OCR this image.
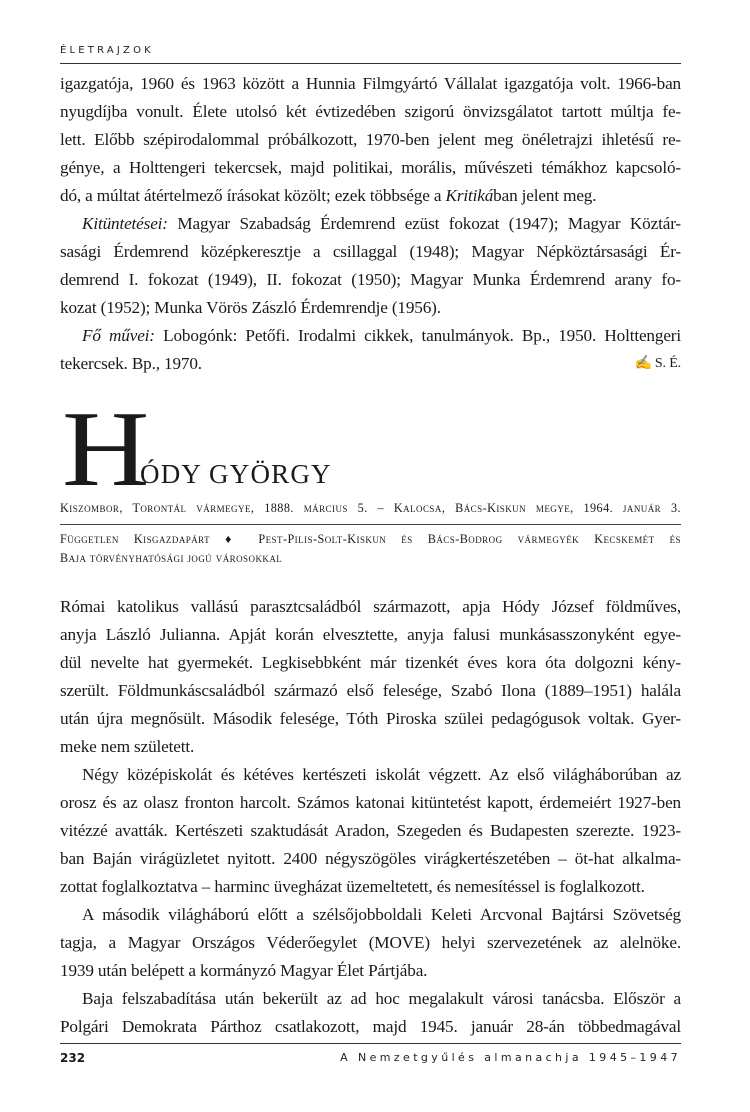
ÉLETRAJZOK
igazgatója, 1960 és 1963 között a Hunnia Filmgyártó Vállalat igazgatója volt. 1966-ban
nyugdíjba vonult. Élete utolsó két évtizedében szigorú önvizsgálatot tartott múltja fe-
lett. Előbb szépirodalommal próbálkozott, 1970-ben jelent meg önéletrajzi ihletésű re-
génye, a Holttengeri tekercsek, majd politikai, morális, művészeti témákhoz kapcsoló-
dó, a múltat átértelmező írásokat közölt; ezek többsége a Kritikában jelent meg.
Kitüntetései: Magyar Szabadság Érdemrend ezüst fokozat (1947); Magyar Köztár-
sasági Érdemrend középkeresztje a csillaggal (1948); Magyar Népköztársasági Ér-
demrend I. fokozat (1949), II. fokozat (1950); Magyar Munka Érdemrend arany fo-
kozat (1952); Munka Vörös Zászló Érdemrendje (1956).
Fő művei: Lobogónk: Petőfi. Irodalmi cikkek, tanulmányok. Bp., 1950. Holttengeri
tekercsek. Bp., 1970.	✍ S. É.
H
ÓDY GYÖRGY
Kiszombor, Torontál vármegye, 1888. március 5. – Kalocsa, Bács-Kiskun megye, 1964. január 3.
Független Kisgazdapárt ♦ Pest-Pilis-Solt-Kiskun és Bács-Bodrog vármegyék Kecskemét és
Baja törvényhatósági jogú városokkal
Római katolikus vallású parasztcsaládból származott, apja Hódy József földműves,
anyja László Julianna. Apját korán elvesztette, anyja falusi munkásasszonyként egye-
dül nevelte hat gyermekét. Legkisebbként már tizenkét éves kora óta dolgozni kény-
szerült. Földmunkáscsaládból származó első felesége, Szabó Ilona (1889–1951) halála
után újra megnősült. Második felesége, Tóth Piroska szülei pedagógusok voltak. Gyer-
meke nem született.
Négy középiskolát és kétéves kertészeti iskolát végzett. Az első világháborúban az
orosz és az olasz fronton harcolt. Számos katonai kitüntetést kapott, érdemeiért 1927-ben
vitézzé avatták. Kertészeti szaktudását Aradon, Szegeden és Budapesten szerezte. 1923-
ban Baján virágüzletet nyitott. 2400 négyszögöles virágkertészetében – öt-hat alkalma-
zottat foglalkoztatva – harminc üvegházat üzemeltetett, és nemesítéssel is foglalkozott.
A második világháború előtt a szélsőjobboldali Keleti Arcvonal Bajtársi Szövetség
tagja, a Magyar Országos Véderőegylet (MOVE) helyi szervezetének az alelnöke.
1939 után belépett a kormányzó Magyar Élet Pártjába.
Baja felszabadítása után bekerült az ad hoc megalakult városi tanácsba. Először a
Polgári Demokrata Párthoz csatlakozott, majd 1945. január 28-án többedmagával
232	A Nemzetgyűlés almanachja 1945–1947
